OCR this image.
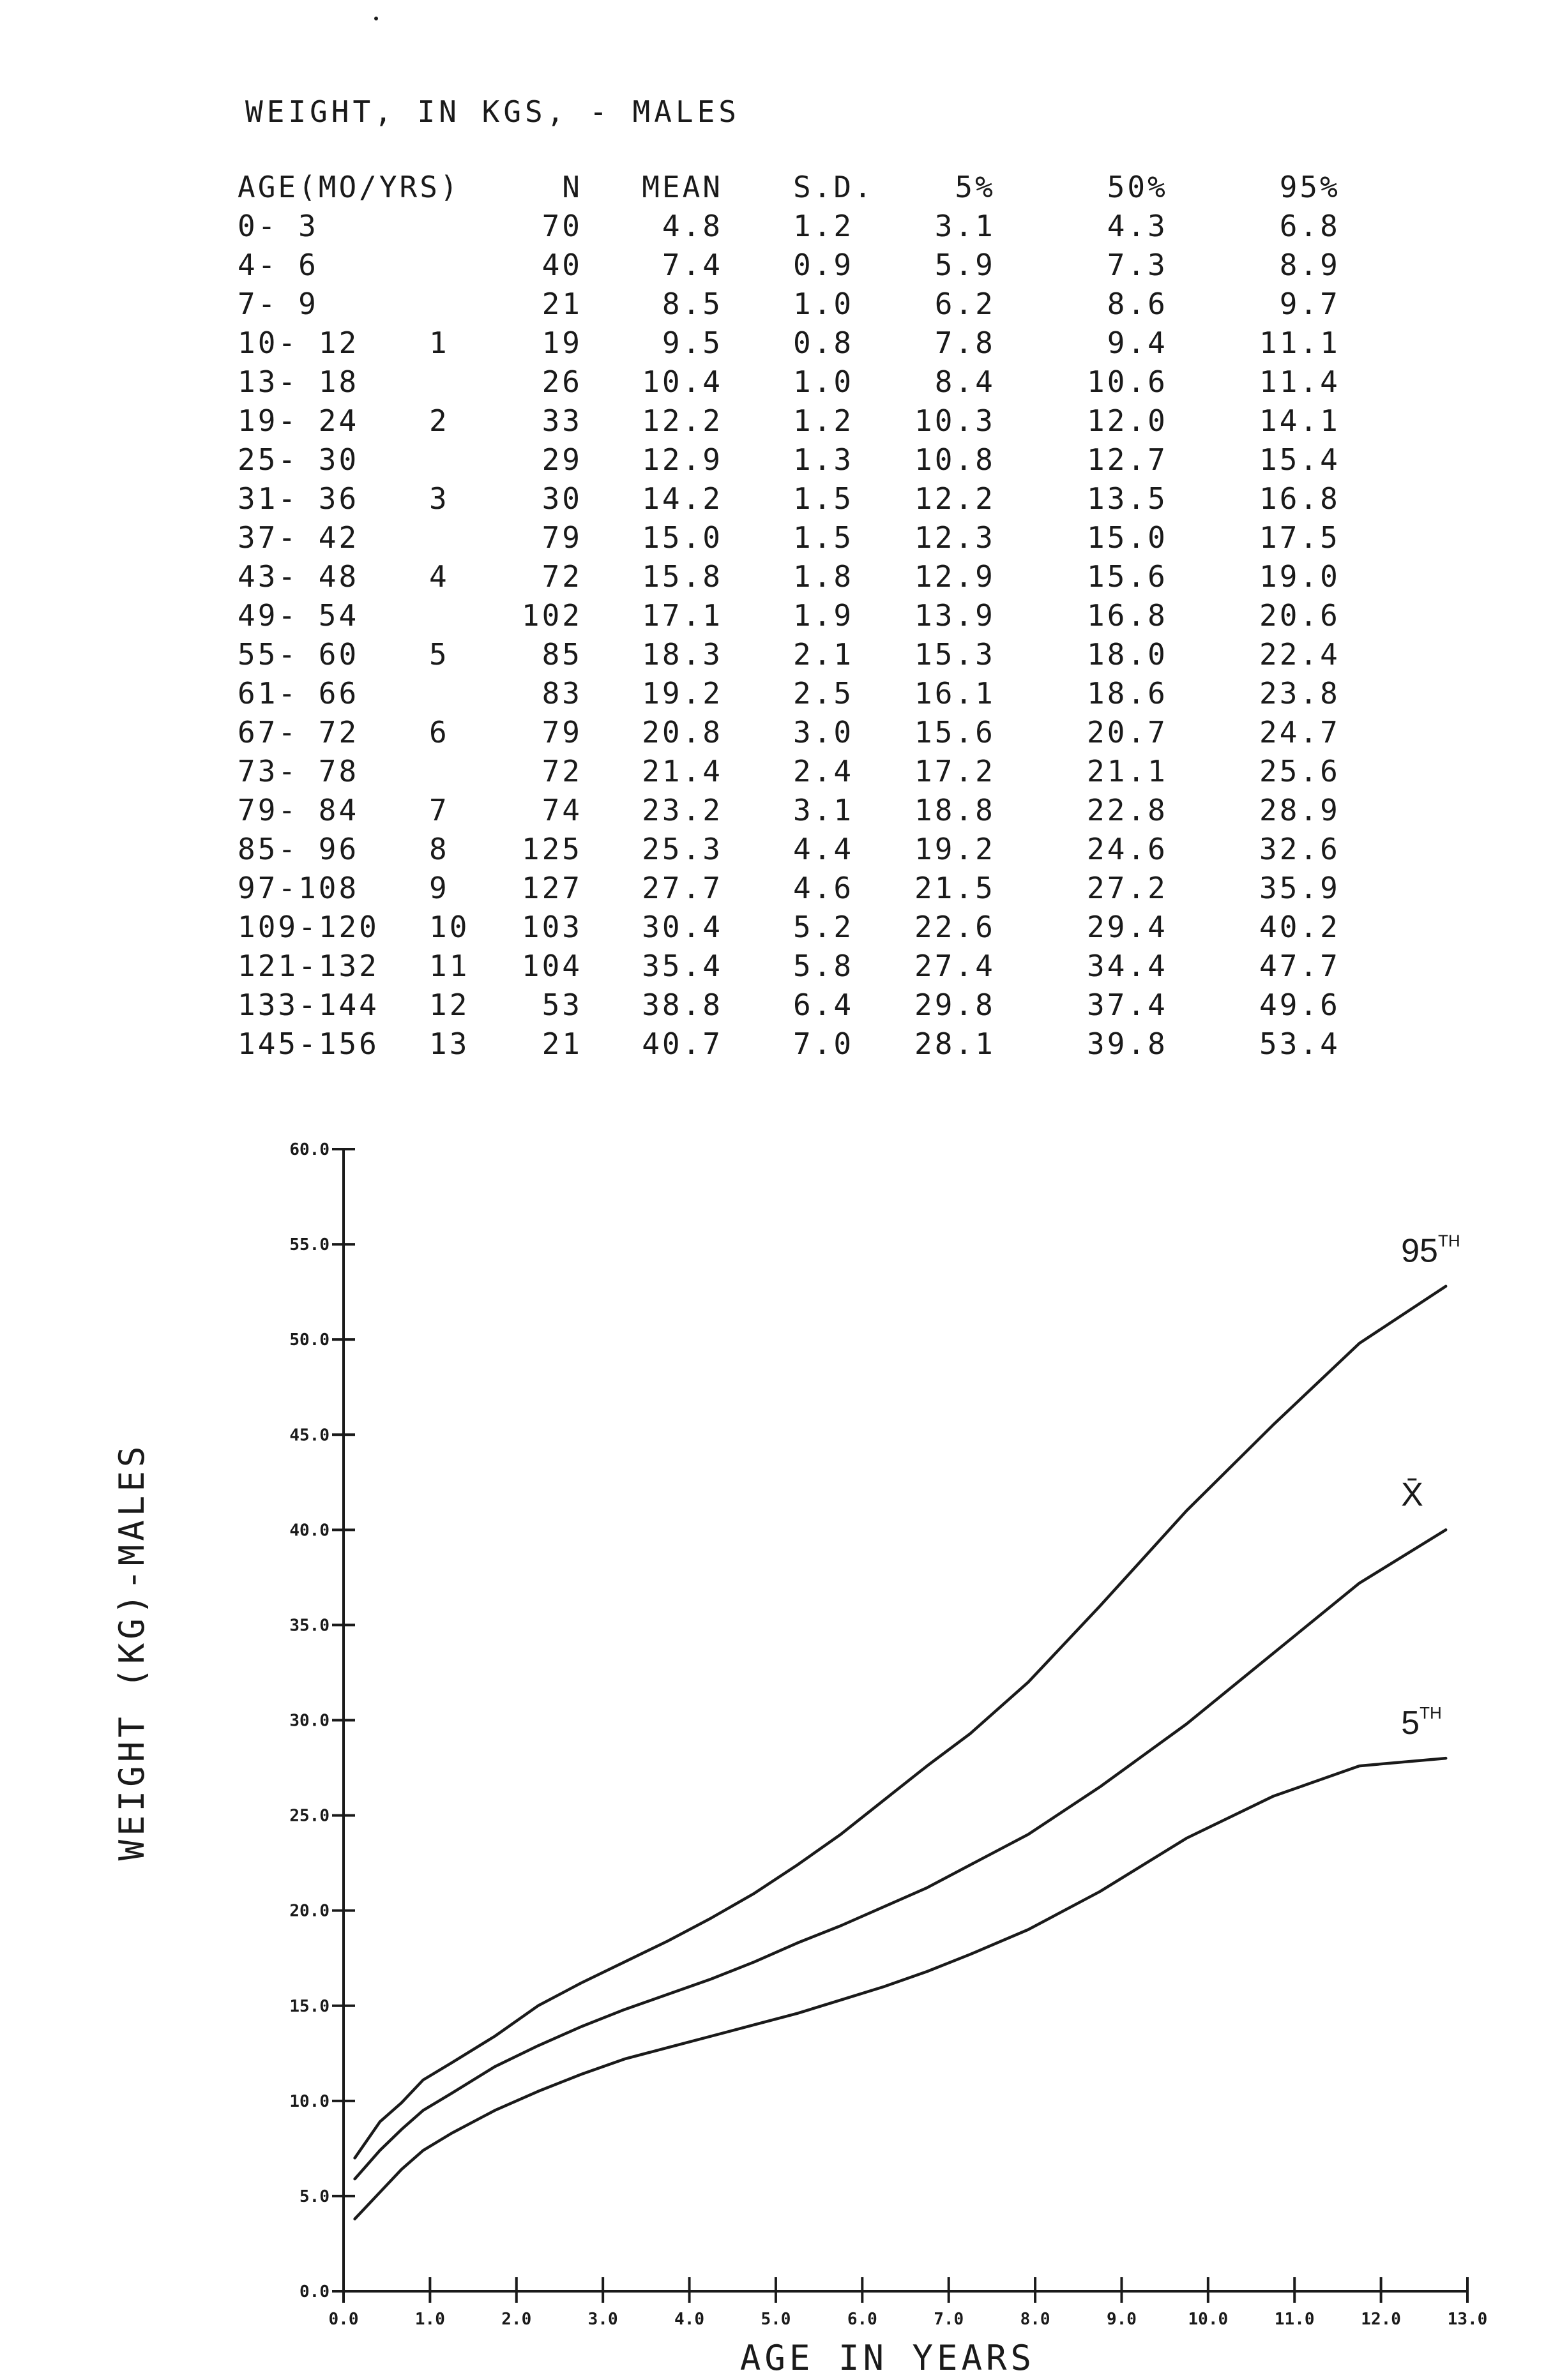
WEIGHT, IN KGS, - MALES
AGE(MO/YRS)		N	MEAN	S.D.	5%	50%	95%
0- 3		70	4.8	1.2	3.1	4.3	6.8
4- 6		40	7.4	0.9	5.9	7.3	8.9
7- 9		21	8.5	1.0	6.2	8.6	9.7
10- 12	1	19	9.5	0.8	7.8	9.4	11.1
13- 18		26	10.4	1.0	8.4	10.6	11.4
19- 24	2	33	12.2	1.2	10.3	12.0	14.1
25- 30		29	12.9	1.3	10.8	12.7	15.4
31- 36	3	30	14.2	1.5	12.2	13.5	16.8
37- 42		79	15.0	1.5	12.3	15.0	17.5
43- 48	4	72	15.8	1.8	12.9	15.6	19.0
49- 54		102	17.1	1.9	13.9	16.8	20.6
55- 60	5	85	18.3	2.1	15.3	18.0	22.4
61- 66		83	19.2	2.5	16.1	18.6	23.8
67- 72	6	79	20.8	3.0	15.6	20.7	24.7
73- 78		72	21.4	2.4	17.2	21.1	25.6
79- 84	7	74	23.2	3.1	18.8	22.8	28.9
85- 96	8	125	25.3	4.4	19.2	24.6	32.6
97-108	9	127	27.7	4.6	21.5	27.2	35.9
109-120	10	103	30.4	5.2	22.6	29.4	40.2
121-132	11	104	35.4	5.8	27.4	34.4	47.7
133-144	12	53	38.8	6.4	29.8	37.4	49.6
145-156	13	21	40.7	7.0	28.1	39.8	53.4
0.0
5.0
10.0
15.0
20.0
25.0
30.0
35.0
40.0
45.0
50.0
55.0
60.0
0.0	1.0	2.0	3.0	4.0	5.0	6.0	7.0	8.0	9.0	10.0	11.0	12.0	13.0
95TH
X̄
5TH
WEIGHT (KG)-MALES
AGE IN YEARS
